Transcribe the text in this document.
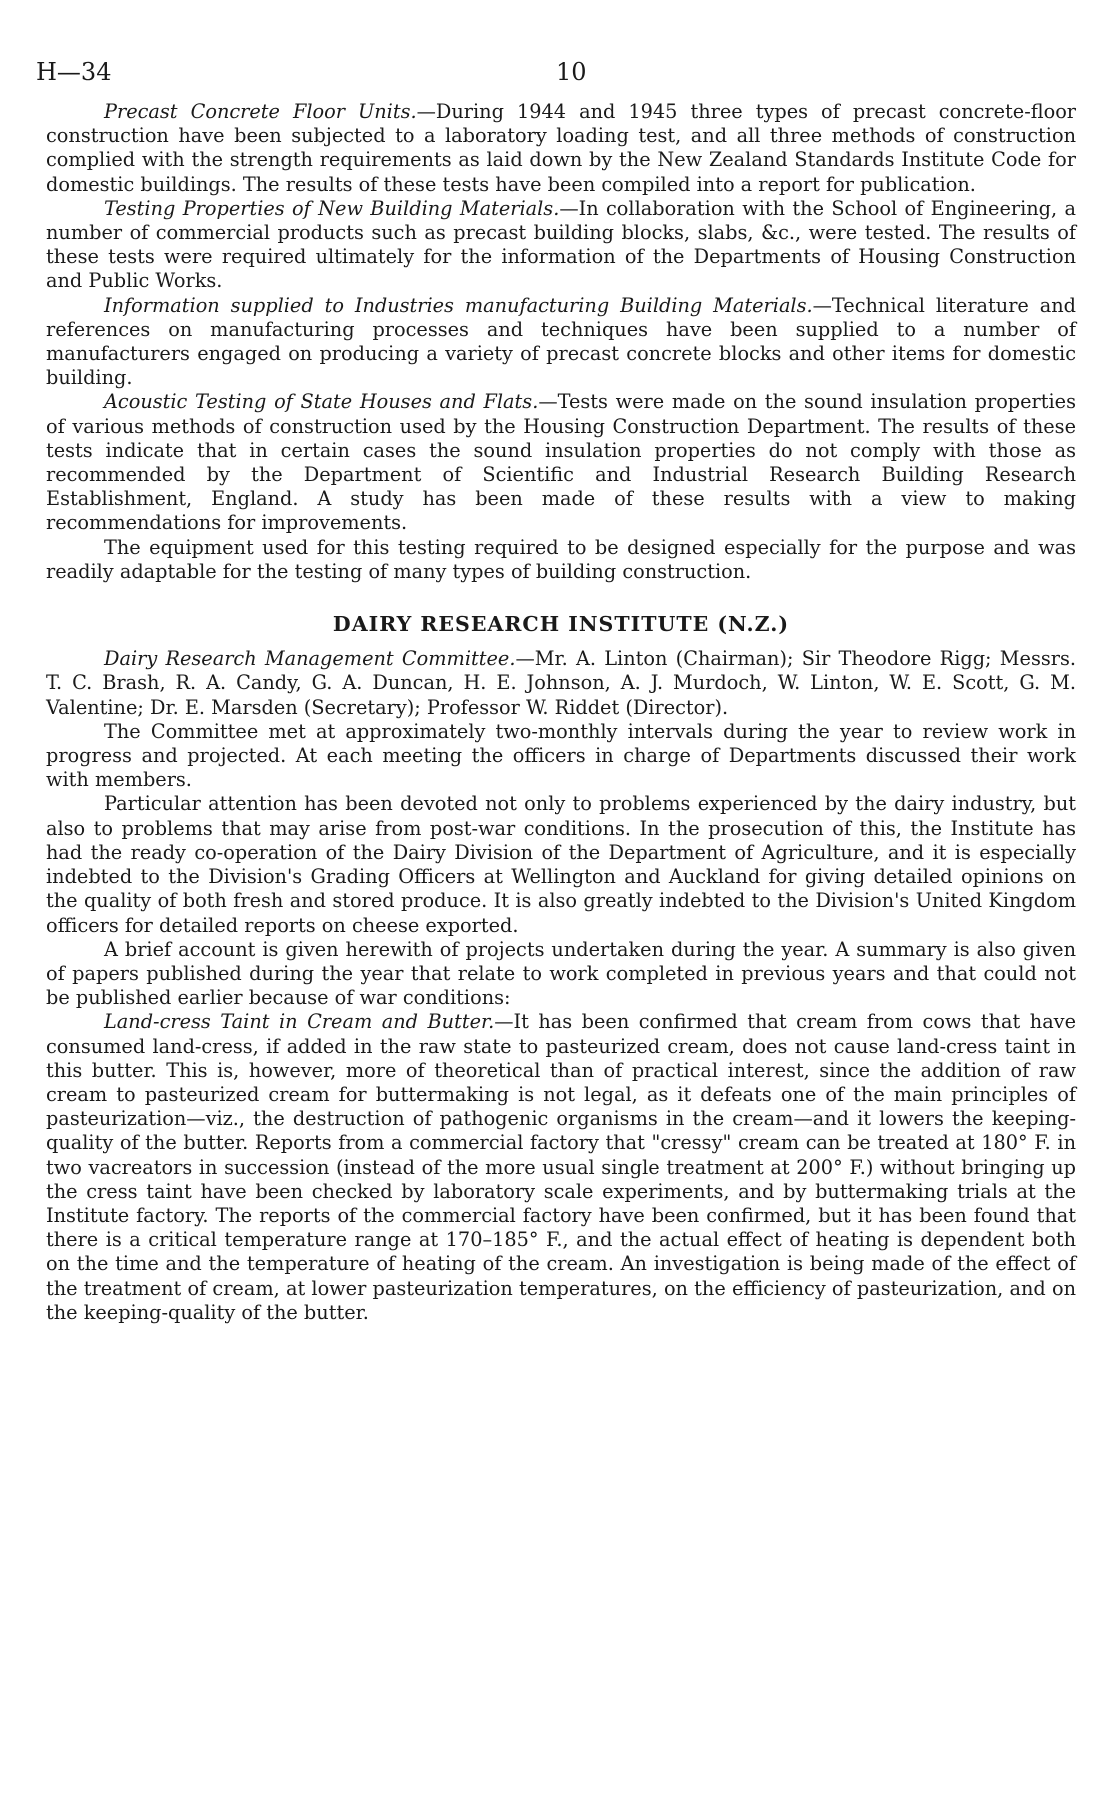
H—34	10

Precast Concrete Floor Units.—During 1944 and 1945 three types of precast concrete-floor construction have been subjected to a laboratory loading test, and all three methods of construction complied with the strength requirements as laid down by the New Zealand Standards Institute Code for domestic buildings. The results of these tests have been compiled into a report for publication.

Testing Properties of New Building Materials.—In collaboration with the School of Engineering, a number of commercial products such as precast building blocks, slabs, &c., were tested. The results of these tests were required ultimately for the information of the Departments of Housing Construction and Public Works.

Information supplied to Industries manufacturing Building Materials.—Technical literature and references on manufacturing processes and techniques have been supplied to a number of manufacturers engaged on producing a variety of precast concrete blocks and other items for domestic building.

Acoustic Testing of State Houses and Flats.—Tests were made on the sound insulation properties of various methods of construction used by the Housing Construction Department. The results of these tests indicate that in certain cases the sound insulation properties do not comply with those as recommended by the Department of Scientific and Industrial Research Building Research Establishment, England. A study has been made of these results with a view to making recommendations for improvements.

The equipment used for this testing required to be designed especially for the purpose and was readily adaptable for the testing of many types of building construction.

DAIRY RESEARCH INSTITUTE (N.Z.)

Dairy Research Management Committee.—Mr. A. Linton (Chairman); Sir Theodore Rigg; Messrs. T. C. Brash, R. A. Candy, G. A. Duncan, H. E. Johnson, A. J. Murdoch, W. Linton, W. E. Scott, G. M. Valentine; Dr. E. Marsden (Secretary); Professor W. Riddet (Director).

The Committee met at approximately two-monthly intervals during the year to review work in progress and projected. At each meeting the officers in charge of Departments discussed their work with members.

Particular attention has been devoted not only to problems experienced by the dairy industry, but also to problems that may arise from post-war conditions. In the prosecution of this, the Institute has had the ready co-operation of the Dairy Division of the Department of Agriculture, and it is especially indebted to the Division's Grading Officers at Wellington and Auckland for giving detailed opinions on the quality of both fresh and stored produce. It is also greatly indebted to the Division's United Kingdom officers for detailed reports on cheese exported.

A brief account is given herewith of projects undertaken during the year. A summary is also given of papers published during the year that relate to work completed in previous years and that could not be published earlier because of war conditions:

Land-cress Taint in Cream and Butter.—It has been confirmed that cream from cows that have consumed land-cress, if added in the raw state to pasteurized cream, does not cause land-cress taint in this butter. This is, however, more of theoretical than of practical interest, since the addition of raw cream to pasteurized cream for buttermaking is not legal, as it defeats one of the main principles of pasteurization—viz., the destruction of pathogenic organisms in the cream—and it lowers the keeping-quality of the butter. Reports from a commercial factory that "cressy" cream can be treated at 180° F. in two vacreators in succession (instead of the more usual single treatment at 200° F.) without bringing up the cress taint have been checked by laboratory scale experiments, and by buttermaking trials at the Institute factory. The reports of the commercial factory have been confirmed, but it has been found that there is a critical temperature range at 170–185° F., and the actual effect of heating is dependent both on the time and the temperature of heating of the cream. An investigation is being made of the effect of the treatment of cream, at lower pasteurization temperatures, on the efficiency of pasteurization, and on the keeping-quality of the butter.
